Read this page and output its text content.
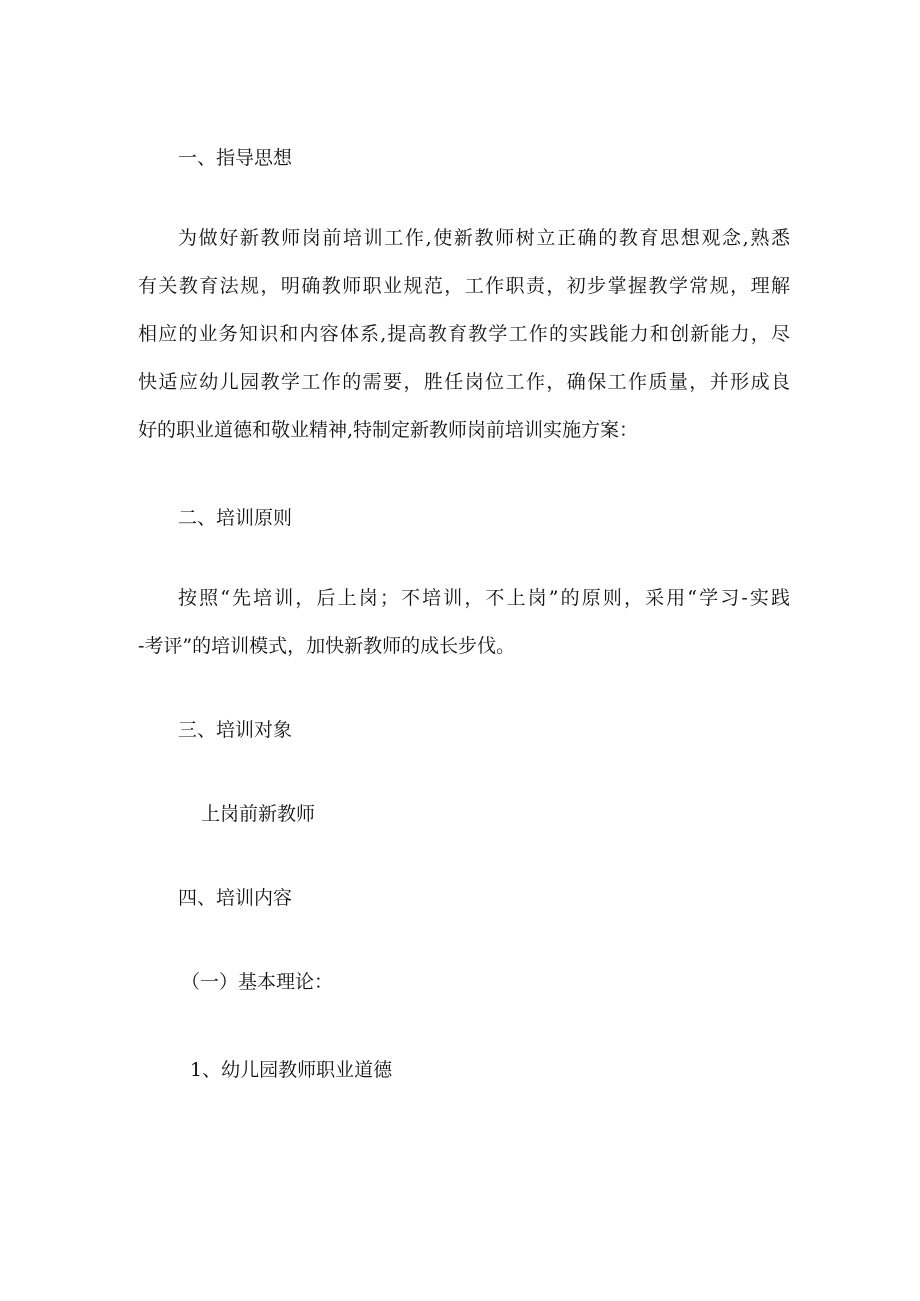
一、指导思想

为做好新教师岗前培训工作,使新教师树立正确的教育思想观念,熟悉
有关教育法规，明确教师职业规范，工作职责，初步掌握教学常规，理解
相应的业务知识和内容体系,提高教育教学工作的实践能力和创新能力，尽
快适应幼儿园教学工作的需要，胜任岗位工作，确保工作质量，并形成良
好的职业道德和敬业精神,特制定新教师岗前培训实施方案：

二、培训原则

按照“先培训，后上岗；不培训，不上岗”的原则，采用“学习-实践
-考评”的培训模式，加快新教师的成长步伐。

三、培训对象

上岗前新教师

四、培训内容

（一）基本理论：

1、幼儿园教师职业道德
